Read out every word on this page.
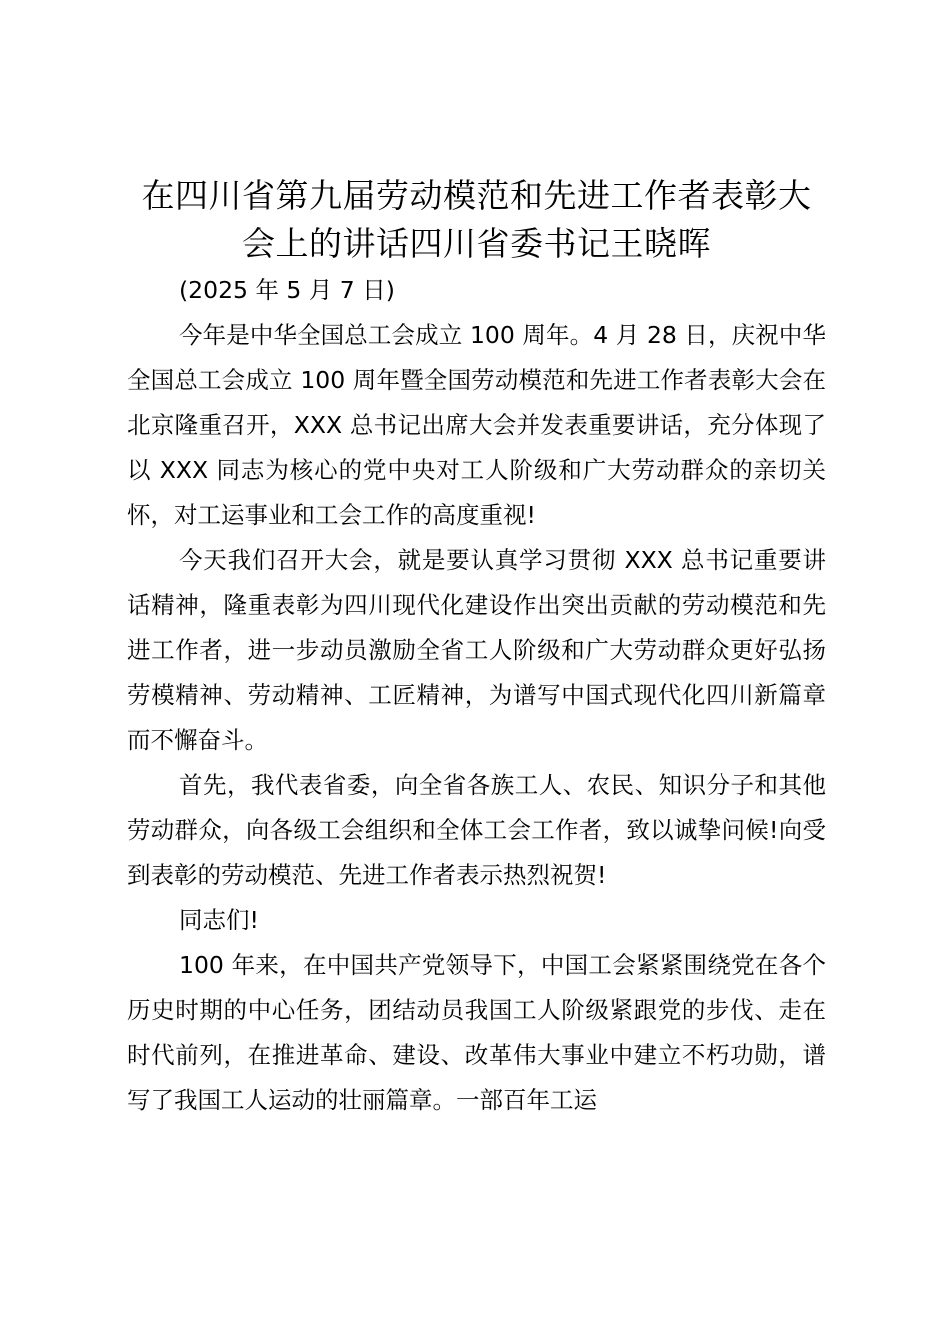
在四川省第九届劳动模范和先进工作者表彰大会上的讲话四川省委书记王晓晖

(2025 年 5 月 7 日)

今年是中华全国总工会成立 100 周年。4 月 28 日，庆祝中华全国总工会成立 100 周年暨全国劳动模范和先进工作者表彰大会在北京隆重召开，XXX 总书记出席大会并发表重要讲话，充分体现了以 XXX 同志为核心的党中央对工人阶级和广大劳动群众的亲切关怀，对工运事业和工会工作的高度重视!

今天我们召开大会，就是要认真学习贯彻 XXX 总书记重要讲话精神，隆重表彰为四川现代化建设作出突出贡献的劳动模范和先进工作者，进一步动员激励全省工人阶级和广大劳动群众更好弘扬劳模精神、劳动精神、工匠精神，为谱写中国式现代化四川新篇章而不懈奋斗。

首先，我代表省委，向全省各族工人、农民、知识分子和其他劳动群众，向各级工会组织和全体工会工作者，致以诚挚问候!向受到表彰的劳动模范、先进工作者表示热烈祝贺!

同志们!

100 年来，在中国共产党领导下，中国工会紧紧围绕党在各个历史时期的中心任务，团结动员我国工人阶级紧跟党的步伐、走在时代前列，在推进革命、建设、改革伟大事业中建立不朽功勋，谱写了我国工人运动的壮丽篇章。一部百年工运
